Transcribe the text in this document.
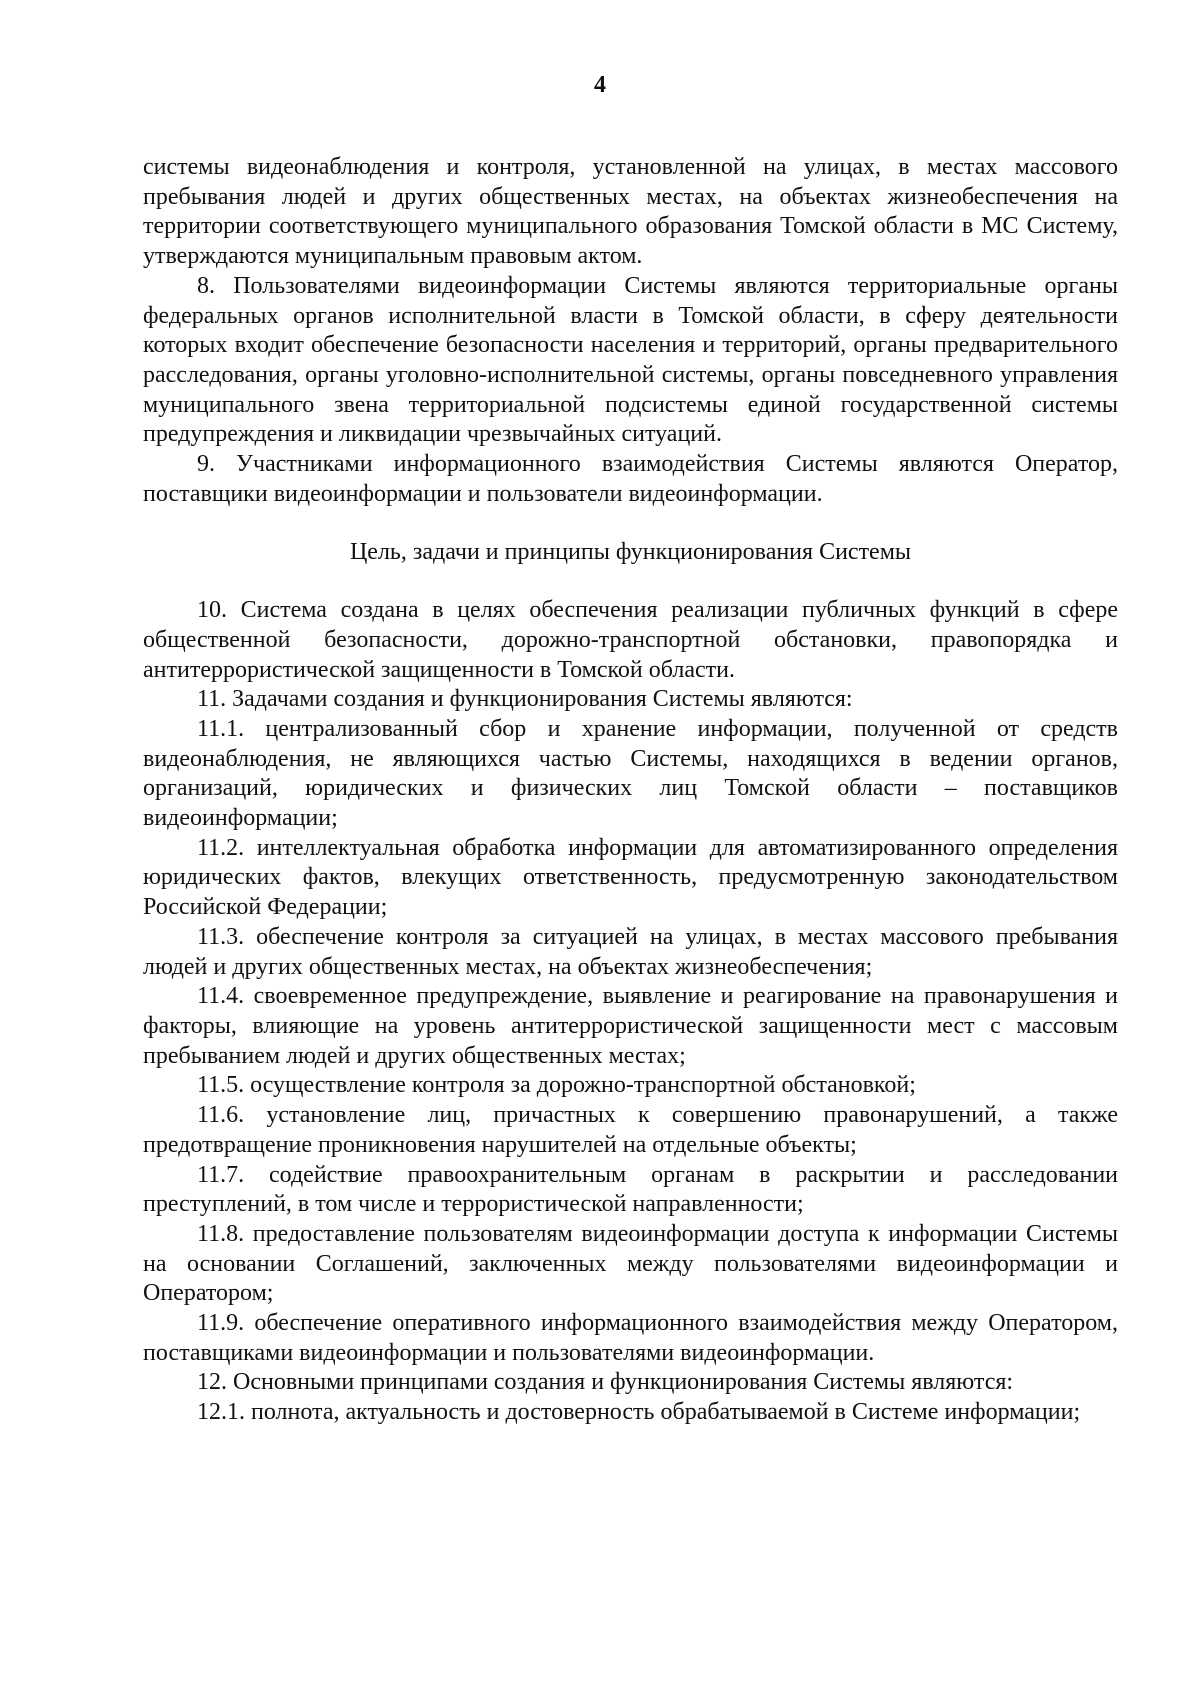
4

системы видеонаблюдения и контроля, установленной на улицах, в местах массового пребывания людей и других общественных местах, на объектах жизнеобеспечения на территории соответствующего муниципального образования Томской области в МС Систему, утверждаются муниципальным правовым актом.

8. Пользователями видеоинформации Системы являются территориальные органы федеральных органов исполнительной власти в Томской области, в сферу деятельности которых входит обеспечение безопасности населения и территорий, органы предварительного расследования, органы уголовно-исполнительной системы, органы повседневного управления муниципального звена территориальной подсистемы единой государственной системы предупреждения и ликвидации чрезвычайных ситуаций.

9. Участниками информационного взаимодействия Системы являются Оператор, поставщики видеоинформации и пользователи видеоинформации.

Цель, задачи и принципы функционирования Системы

10. Система создана в целях обеспечения реализации публичных функций в сфере общественной безопасности, дорожно-транспортной обстановки, правопорядка и антитеррористической защищенности в Томской области.

11. Задачами создания и функционирования Системы являются:

11.1. централизованный сбор и хранение информации, полученной от средств видеонаблюдения, не являющихся частью Системы, находящихся в ведении органов, организаций, юридических и физических лиц Томской области – поставщиков видеоинформации;

11.2. интеллектуальная обработка информации для автоматизированного определения юридических фактов, влекущих ответственность, предусмотренную законодательством Российской Федерации;

11.3. обеспечение контроля за ситуацией на улицах, в местах массового пребывания людей и других общественных местах, на объектах жизнеобеспечения;

11.4. своевременное предупреждение, выявление и реагирование на правонарушения и факторы, влияющие на уровень антитеррористической защищенности мест с массовым пребыванием людей и других общественных местах;

11.5. осуществление контроля за дорожно-транспортной обстановкой;

11.6. установление лиц, причастных к совершению правонарушений, а также предотвращение проникновения нарушителей на отдельные объекты;

11.7. содействие правоохранительным органам в раскрытии и расследовании преступлений, в том числе и террористической направленности;

11.8. предоставление пользователям видеоинформации доступа к информации Системы на основании Соглашений, заключенных между пользователями видеоинформации и Оператором;

11.9. обеспечение оперативного информационного взаимодействия между Оператором, поставщиками видеоинформации и пользователями видеоинформации.

12. Основными принципами создания и функционирования Системы являются:

12.1. полнота, актуальность и достоверность обрабатываемой в Системе информации;
